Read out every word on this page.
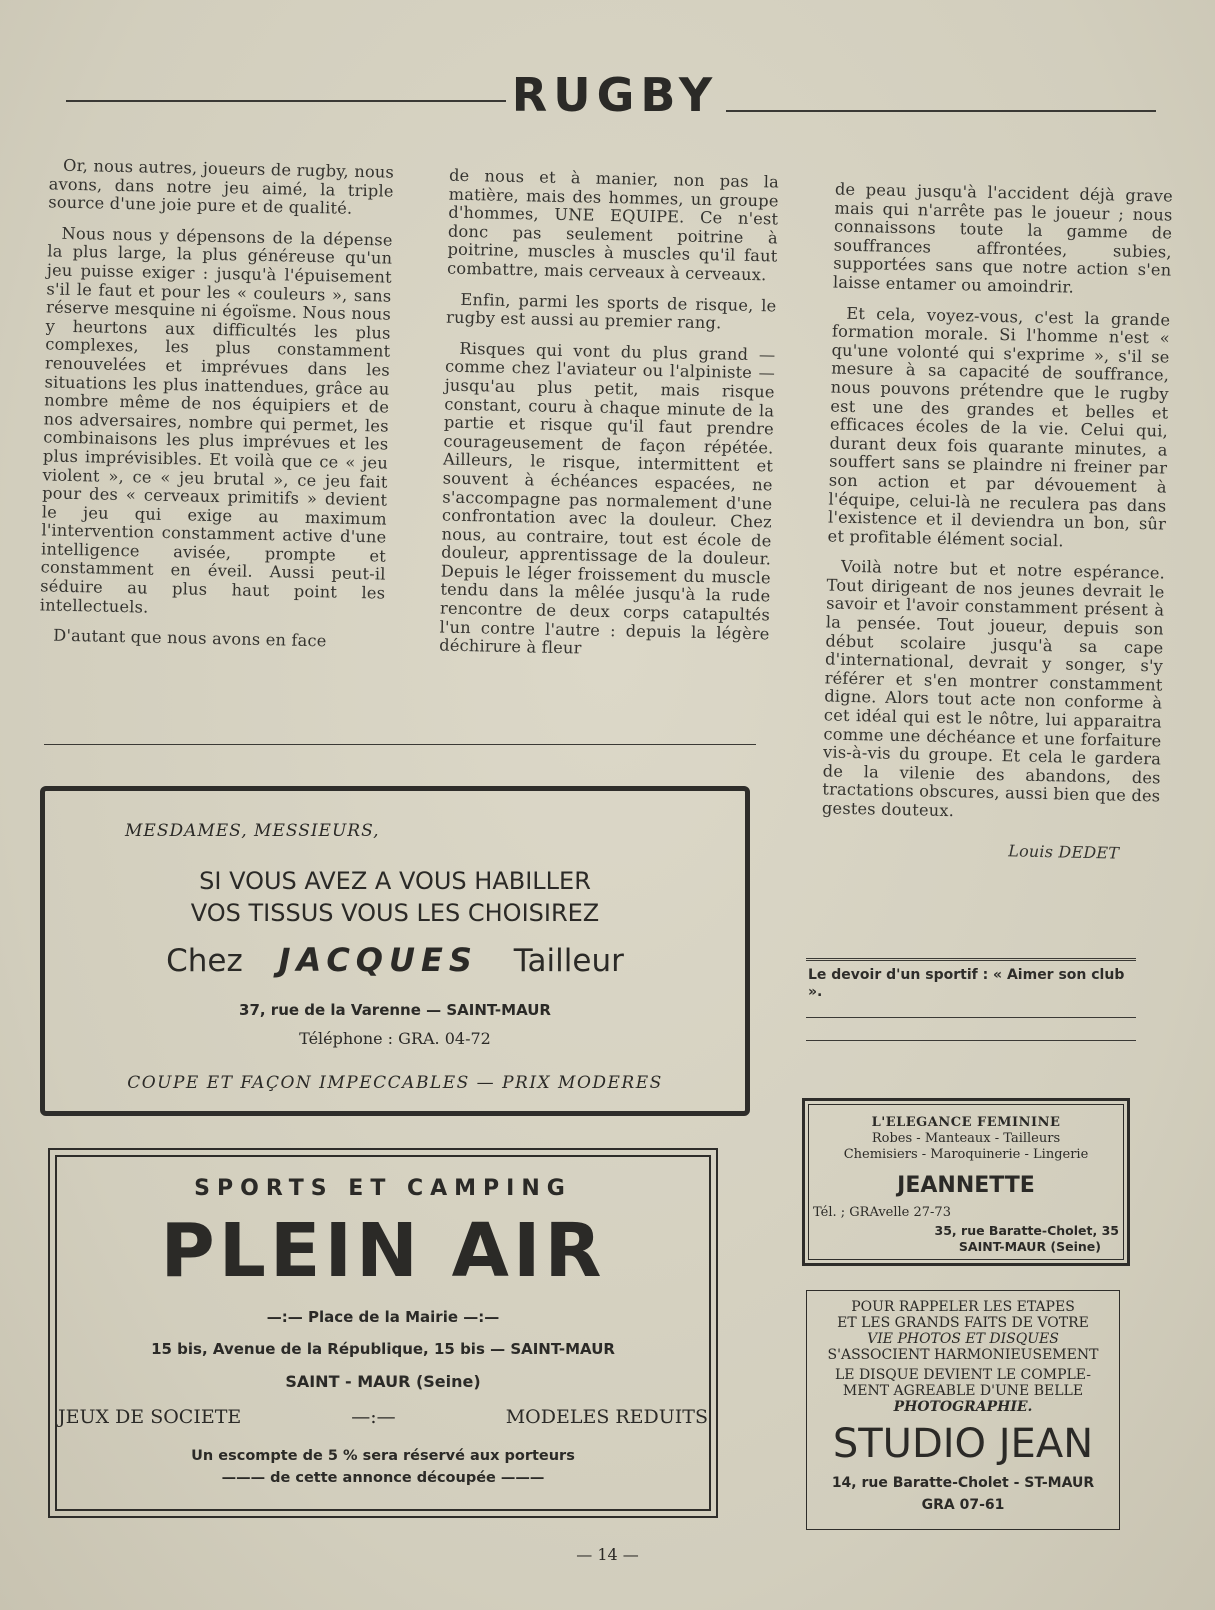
RUGBY

Or, nous autres, joueurs de rugby, nous avons, dans notre jeu aimé, la triple source d'une joie pure et de qualité.

Nous nous y dépensons de la dépense la plus large, la plus généreuse qu'un jeu puisse exiger : jusqu'à l'épuisement s'il le faut et pour les « couleurs », sans réserve mesquine ni égoïsme. Nous nous y heurtons aux difficultés les plus complexes, les plus constamment renouvelées et imprévues dans les situations les plus inattendues, grâce au nombre même de nos équipiers et de nos adversaires, nombre qui permet, les combinaisons les plus imprévues et les plus imprévisibles. Et voilà que ce « jeu violent », ce « jeu brutal », ce jeu fait pour des « cerveaux primitifs » devient le jeu qui exige au maximum l'intervention constamment active d'une intelligence avisée, prompte et constamment en éveil. Aussi peut-il séduire au plus haut point les intellectuels.

D'autant que nous avons en face

de nous et à manier, non pas la matière, mais des hommes, un groupe d'hommes, UNE EQUIPE. Ce n'est donc pas seulement poitrine à poitrine, muscles à muscles qu'il faut combattre, mais cerveaux à cerveaux.

Enfin, parmi les sports de risque, le rugby est aussi au premier rang.

Risques qui vont du plus grand — comme chez l'aviateur ou l'alpiniste — jusqu'au plus petit, mais risque constant, couru à chaque minute de la partie et risque qu'il faut prendre courageusement de façon répétée. Ailleurs, le risque, intermittent et souvent à échéances espacées, ne s'accompagne pas normalement d'une confrontation avec la douleur. Chez nous, au contraire, tout est école de douleur, apprentissage de la douleur. Depuis le léger froissement du muscle tendu dans la mêlée jusqu'à la rude rencontre de deux corps catapultés l'un contre l'autre : depuis la légère déchirure à fleur

de peau jusqu'à l'accident déjà grave mais qui n'arrête pas le joueur ; nous connaissons toute la gamme de souffrances affrontées, subies, supportées sans que notre action s'en laisse entamer ou amoindrir.

Et cela, voyez-vous, c'est la grande formation morale. Si l'homme n'est « qu'une volonté qui s'exprime », s'il se mesure à sa capacité de souffrance, nous pouvons prétendre que le rugby est une des grandes et belles et efficaces écoles de la vie. Celui qui, durant deux fois quarante minutes, a souffert sans se plaindre ni freiner par son action et par dévouement à l'équipe, celui-là ne reculera pas dans l'existence et il deviendra un bon, sûr et profitable élément social.

Voilà notre but et notre espérance. Tout dirigeant de nos jeunes devrait le savoir et l'avoir constamment présent à la pensée. Tout joueur, depuis son début scolaire jusqu'à sa cape d'international, devrait y songer, s'y référer et s'en montrer constamment digne. Alors tout acte non conforme à cet idéal qui est le nôtre, lui apparaitra comme une déchéance et une forfaiture vis-à-vis du groupe. Et cela le gardera de la vilenie des abandons, des tractations obscures, aussi bien que des gestes douteux.

Louis DEDET
Le devoir d'un sportif : « Aimer son club ».
MESDAMES, MESSIEURS,
SI VOUS AVEZ A VOUS HABILLER
VOS TISSUS VOUS LES CHOISIREZ
Chez JACQUES Tailleur
37, rue de la Varenne — SAINT-MAUR
Téléphone : GRA. 04-72
COUPE ET FAÇON IMPECCABLES — PRIX MODERES
SPORTS ET CAMPING
PLEIN AIR
—:— Place de la Mairie —:—
15 bis, Avenue de la République, 15 bis — SAINT-MAUR
SAINT - MAUR (Seine)
JEUX DE SOCIETE	—:—	MODELES REDUITS
Un escompte de 5 % sera réservé aux porteurs
——— de cette annonce découpée ———
L'ELEGANCE FEMININE
Robes - Manteaux - Tailleurs
Chemisiers - Maroquinerie - Lingerie
JEANNETTE
Tél. ; GRAvelle 27-73
35, rue Baratte-Cholet, 35
SAINT-MAUR (Seine)
POUR RAPPELER LES ETAPES
ET LES GRANDS FAITS DE VOTRE
VIE PHOTOS ET DISQUES
S'ASSOCIENT HARMONIEUSEMENT
LE DISQUE DEVIENT LE COMPLE-
MENT AGREABLE D'UNE BELLE
PHOTOGRAPHIE.
STUDIO JEAN
14, rue Baratte-Cholet - ST-MAUR
GRA 07-61
— 14 —
